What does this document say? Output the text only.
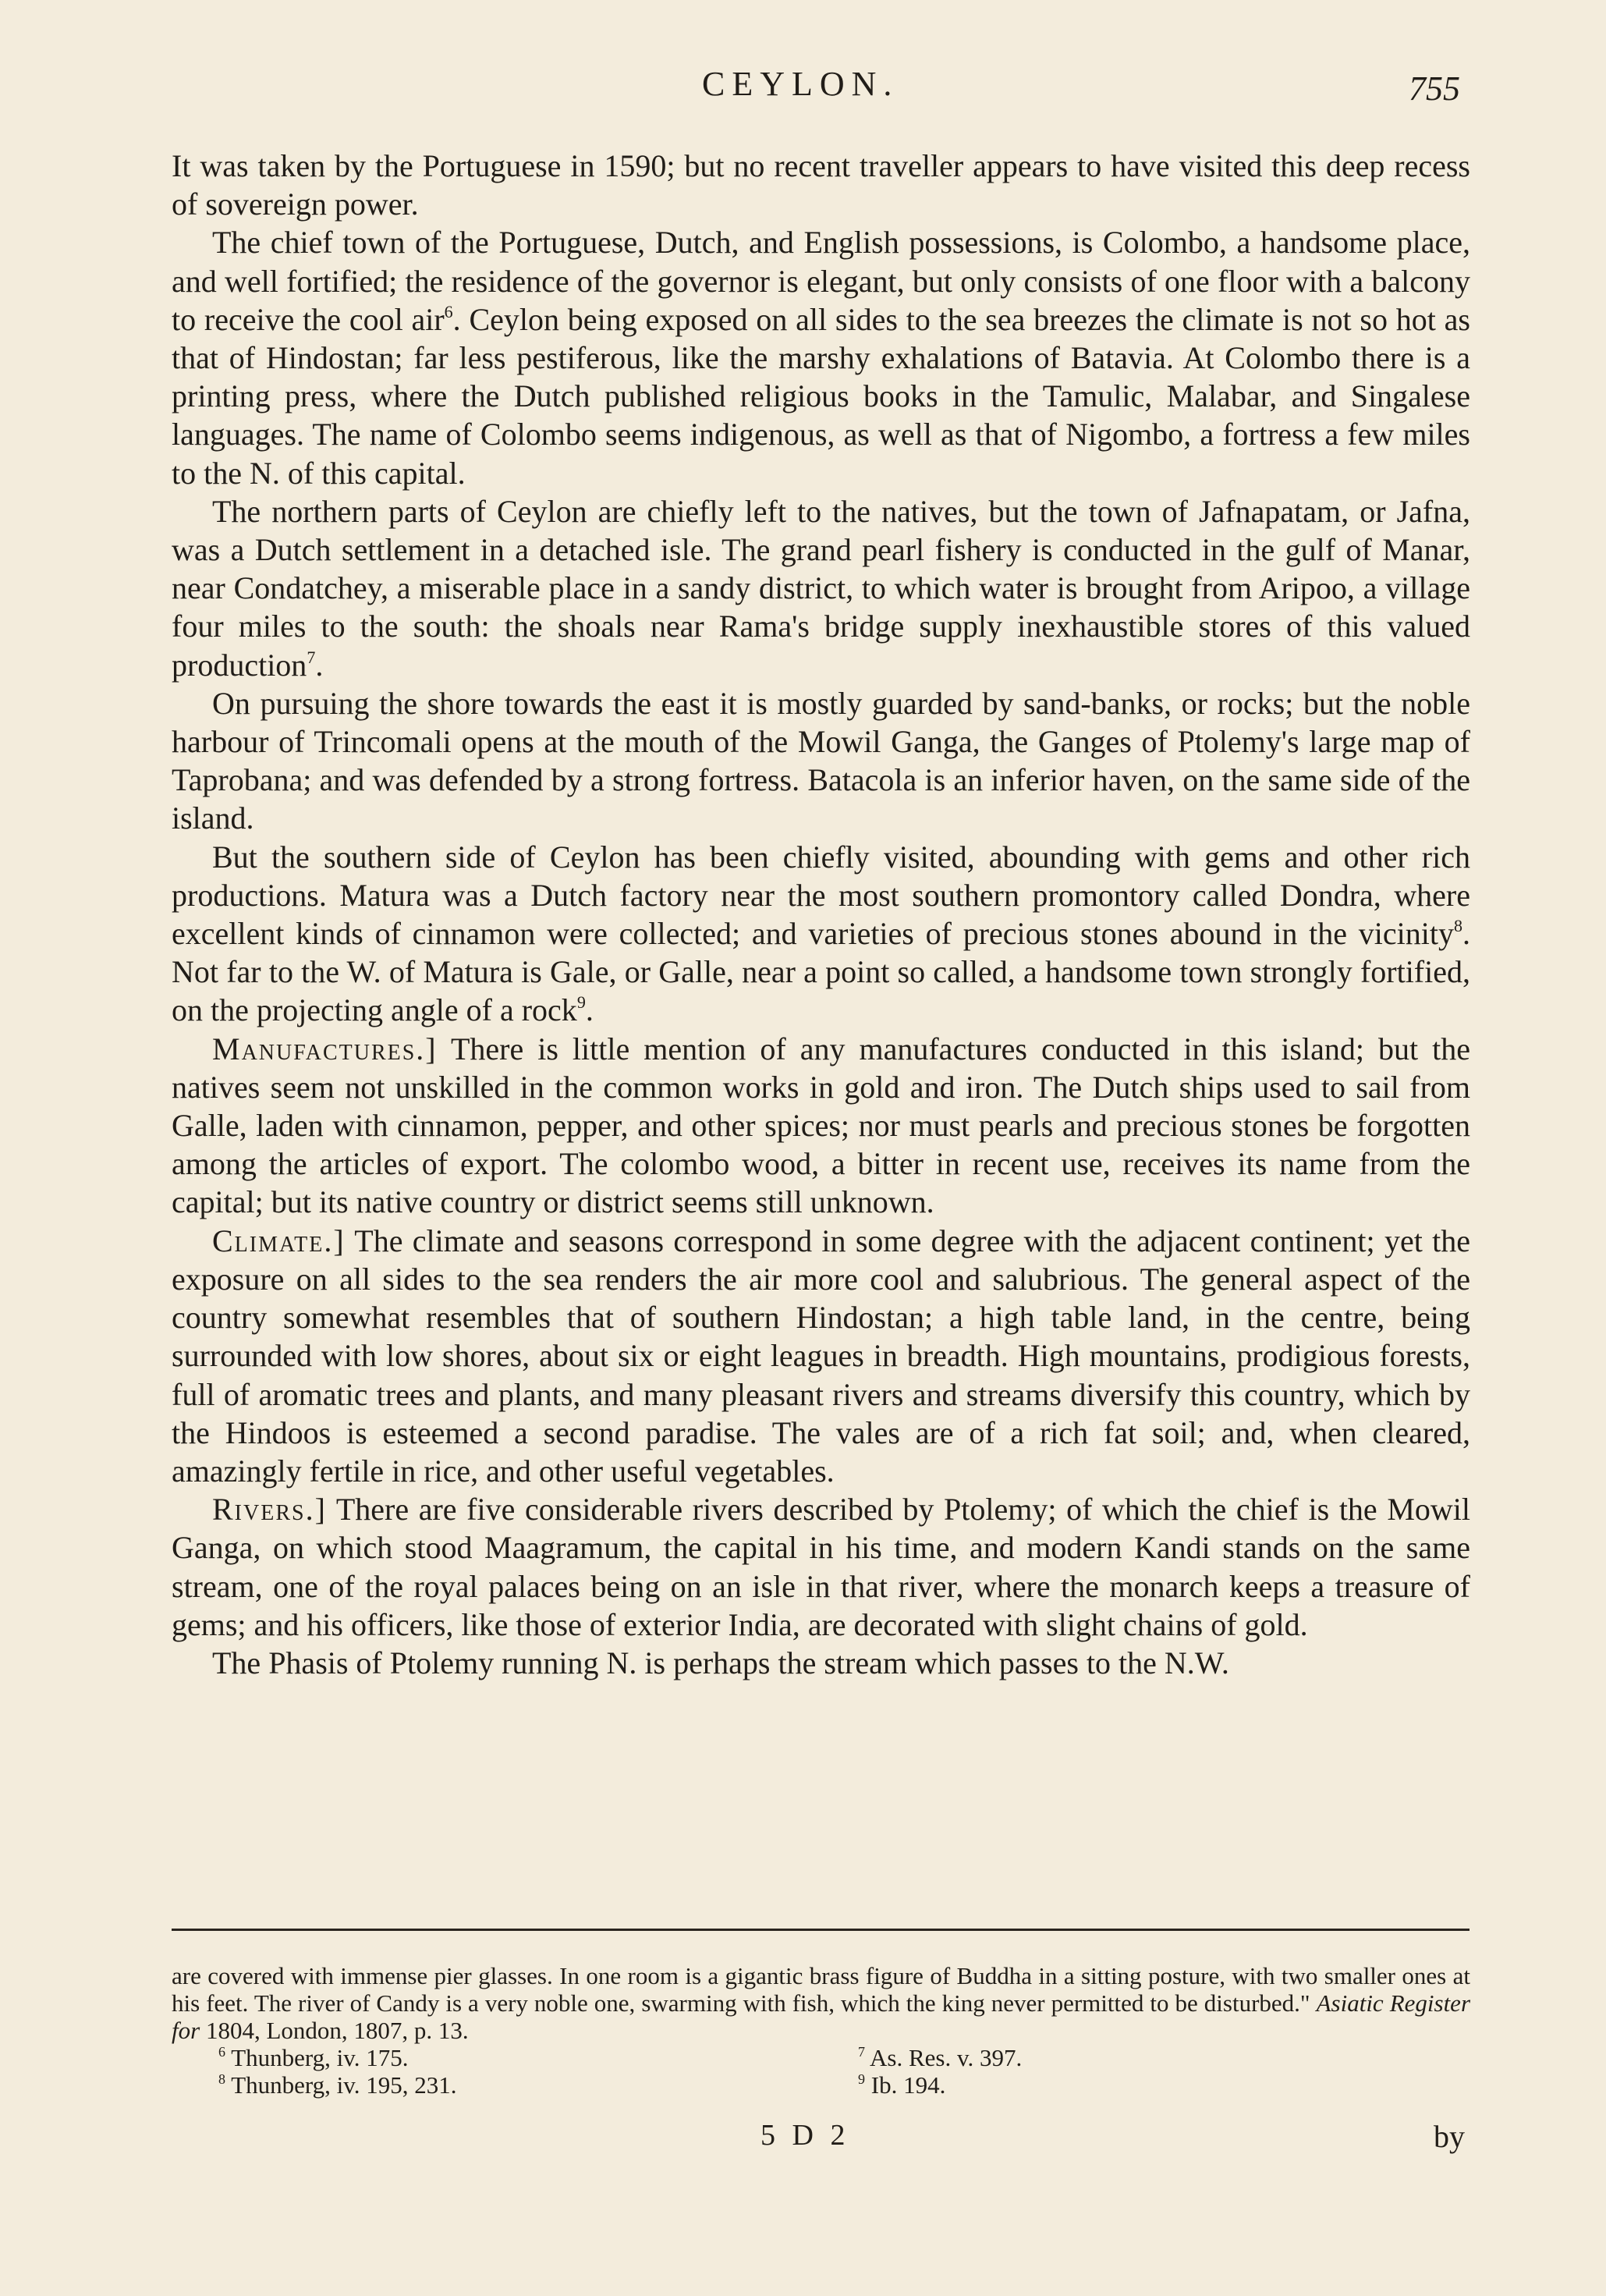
CEYLON.	755

It was taken by the Portuguese in 1590; but no recent traveller appears to have visited this deep recess of sovereign power.

The chief town of the Portuguese, Dutch, and English possessions, is Colombo, a handsome place, and well fortified; the residence of the governor is elegant, but only consists of one floor with a balcony to receive the cool air$^6$. Ceylon being exposed on all sides to the sea breezes the climate is not so hot as that of Hindostan; far less pestiferous, like the marshy exhalations of Batavia. At Colombo there is a printing press, where the Dutch published religious books in the Tamulic, Malabar, and Singalese languages. The name of Colombo seems indigenous, as well as that of Nigombo, a fortress a few miles to the N. of this capital.

The northern parts of Ceylon are chiefly left to the natives, but the town of Jafnapatam, or Jafna, was a Dutch settlement in a detached isle. The grand pearl fishery is conducted in the gulf of Manar, near Condatchey, a miserable place in a sandy district, to which water is brought from Aripoo, a village four miles to the south: the shoals near Rama's bridge supply inexhaustible stores of this valued production$^7$.

On pursuing the shore towards the east it is mostly guarded by sand-banks, or rocks; but the noble harbour of Trincomali opens at the mouth of the Mowil Ganga, the Ganges of Ptolemy's large map of Taprobana; and was defended by a strong fortress. Batacola is an inferior haven, on the same side of the island.

But the southern side of Ceylon has been chiefly visited, abounding with gems and other rich productions. Matura was a Dutch factory near the most southern promontory called Dondra, where excellent kinds of cinnamon were collected; and varieties of precious stones abound in the vicinity$^8$. Not far to the W. of Matura is Gale, or Galle, near a point so called, a handsome town strongly fortified, on the projecting angle of a rock$^9$.

Manufactures.] There is little mention of any manufactures conducted in this island; but the natives seem not unskilled in the common works in gold and iron. The Dutch ships used to sail from Galle, laden with cinnamon, pepper, and other spices; nor must pearls and precious stones be forgotten among the articles of export. The colombo wood, a bitter in recent use, receives its name from the capital; but its native country or district seems still unknown.

Climate.] The climate and seasons correspond in some degree with the adjacent continent; yet the exposure on all sides to the sea renders the air more cool and salubrious. The general aspect of the country somewhat resembles that of southern Hindostan; a high table land, in the centre, being surrounded with low shores, about six or eight leagues in breadth. High mountains, prodigious forests, full of aromatic trees and plants, and many pleasant rivers and streams diversify this country, which by the Hindoos is esteemed a second paradise. The vales are of a rich fat soil; and, when cleared, amazingly fertile in rice, and other useful vegetables.

Rivers.] There are five considerable rivers described by Ptolemy; of which the chief is the Mowil Ganga, on which stood Maagramum, the capital in his time, and modern Kandi stands on the same stream, one of the royal palaces being on an isle in that river, where the monarch keeps a treasure of gems; and his officers, like those of exterior India, are decorated with slight chains of gold.

The Phasis of Ptolemy running N. is perhaps the stream which passes to the N.W.

are covered with immense pier glasses. In one room is a gigantic brass figure of Buddha in a sitting posture, with two smaller ones at his feet. The river of Candy is a very noble one, swarming with fish, which the king never permitted to be disturbed." Asiatic Register for 1804, London, 1807, p. 13.

$^6$ Thunberg, iv. 175.	$^7$ As. Res. v. 397.
$^8$ Thunberg, iv. 195, 231.	$^9$ Ib. 194.
5 D 2	by
